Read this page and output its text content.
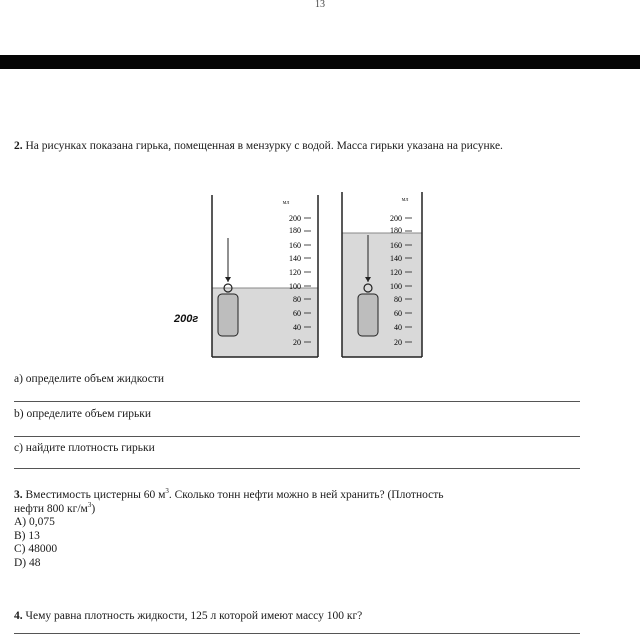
13
2. На рисунках показана гирька, помещенная в мензурку с водой. Масса гирьки указана на рисунке.
мл
200
180
160
140
120
100
80
60
40
20
200г
мл
200
180
160
140
120
100
80
60
40
20
a) определите объем жидкости
b) определите объем гирьки
c) найдите плотность гирьки

3. Вместимость цистерны 60 $м^3$. Сколько тонн нефти можно в ней хранить? (Плотность

нефти 800 $кг/м^3$)

A) 0,075

B) 13

C) 48000

D) 48

4. Чему равна плотность жидкости, 125 л которой имеют массу 100 кг?
